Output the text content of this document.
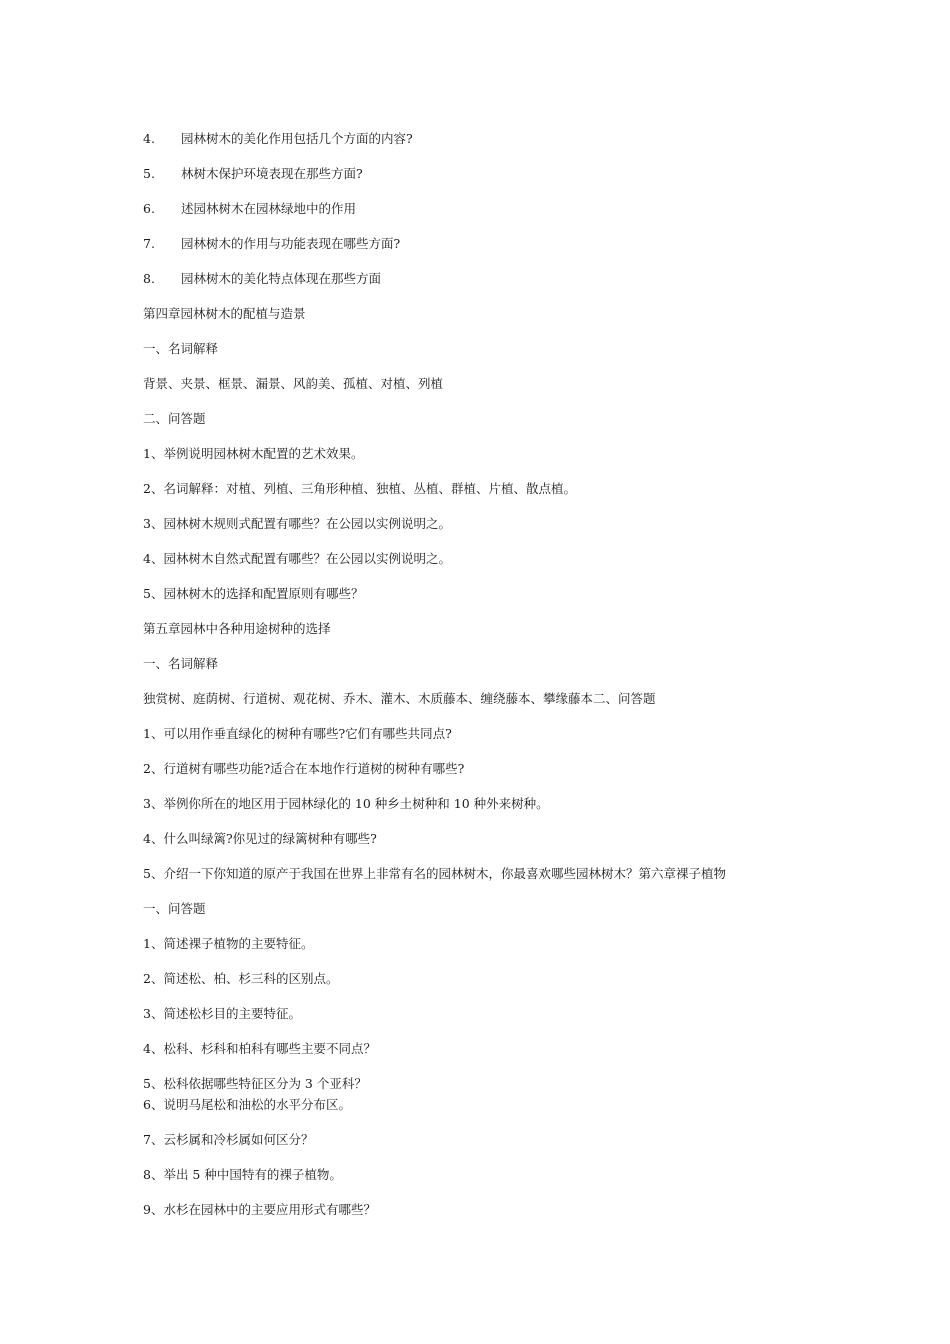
4. 园林树木的美化作用包括几个方面的内容?
5. 林树木保护环境表现在那些方面?
6. 述园林树木在园林绿地中的作用
7. 园林树木的作用与功能表现在哪些方面?
8. 园林树木的美化特点体现在那些方面
第四章园林树木的配植与造景
一、名词解释
背景、夹景、框景、漏景、风韵美、孤植、对植、列植
二、问答题
1、举例说明园林树木配置的艺术效果。
2、名词解释：对植、列植、三角形种植、独植、丛植、群植、片植、散点植。
3、园林树木规则式配置有哪些？在公园以实例说明之。
4、园林树木自然式配置有哪些？在公园以实例说明之。
5、园林树木的选择和配置原则有哪些？
第五章园林中各种用途树种的选择
一、名词解释
独赏树、庭荫树、行道树、观花树、乔木、灌木、木质藤本、缠绕藤本、攀缘藤本二、问答题
1、可以用作垂直绿化的树种有哪些?它们有哪些共同点?
2、行道树有哪些功能?适合在本地作行道树的树种有哪些?
3、举例你所在的地区用于园林绿化的 10 种乡土树种和 10 种外来树种。
4、什么叫绿篱?你见过的绿篱树种有哪些?
5、介绍一下你知道的原产于我国在世界上非常有名的园林树木，你最喜欢哪些园林树木？第六章裸子植物
一、问答题
1、简述裸子植物的主要特征。
2、简述松、柏、杉三科的区别点。
3、简述松杉目的主要特征。
4、松科、杉科和柏科有哪些主要不同点？
5、松科依据哪些特征区分为 3 个亚科？
6、说明马尾松和油松的水平分布区。
7、云杉属和冷杉属如何区分？
8、举出 5 种中国特有的裸子植物。
9、水杉在园林中的主要应用形式有哪些？
